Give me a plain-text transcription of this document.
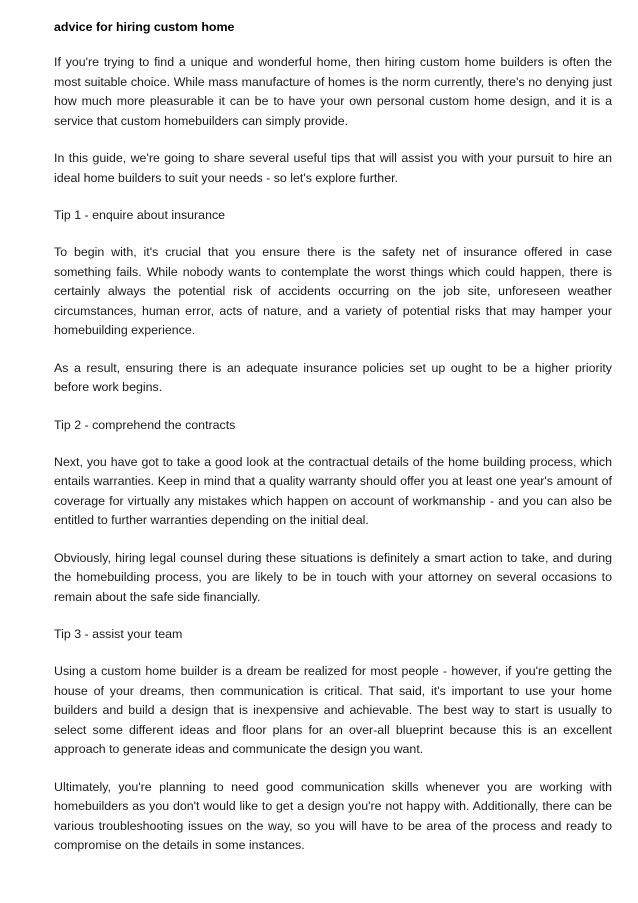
advice for hiring custom home

If you're trying to find a unique and wonderful home, then hiring custom home builders is often the most suitable choice. While mass manufacture of homes is the norm currently, there's no denying just how much more pleasurable it can be to have your own personal custom home design, and it is a service that custom homebuilders can simply provide.

In this guide, we're going to share several useful tips that will assist you with your pursuit to hire an ideal home builders to suit your needs - so let's explore further.

Tip 1 - enquire about insurance

To begin with, it's crucial that you ensure there is the safety net of insurance offered in case something fails. While nobody wants to contemplate the worst things which could happen, there is certainly always the potential risk of accidents occurring on the job site, unforeseen weather circumstances, human error, acts of nature, and a variety of potential risks that may hamper your homebuilding experience.

As a result, ensuring there is an adequate insurance policies set up ought to be a higher priority before work begins.

Tip 2 - comprehend the contracts

Next, you have got to take a good look at the contractual details of the home building process, which entails warranties. Keep in mind that a quality warranty should offer you at least one year's amount of coverage for virtually any mistakes which happen on account of workmanship - and you can also be entitled to further warranties depending on the initial deal.

Obviously, hiring legal counsel during these situations is definitely a smart action to take, and during the homebuilding process, you are likely to be in touch with your attorney on several occasions to remain about the safe side financially.

Tip 3 - assist your team

Using a custom home builder is a dream be realized for most people - however, if you're getting the house of your dreams, then communication is critical. That said, it's important to use your home builders and build a design that is inexpensive and achievable. The best way to start is usually to select some different ideas and floor plans for an over-all blueprint because this is an excellent approach to generate ideas and communicate the design you want.

Ultimately, you're planning to need good communication skills whenever you are working with homebuilders as you don't would like to get a design you're not happy with. Additionally, there can be various troubleshooting issues on the way, so you will have to be area of the process and ready to compromise on the details in some instances.
